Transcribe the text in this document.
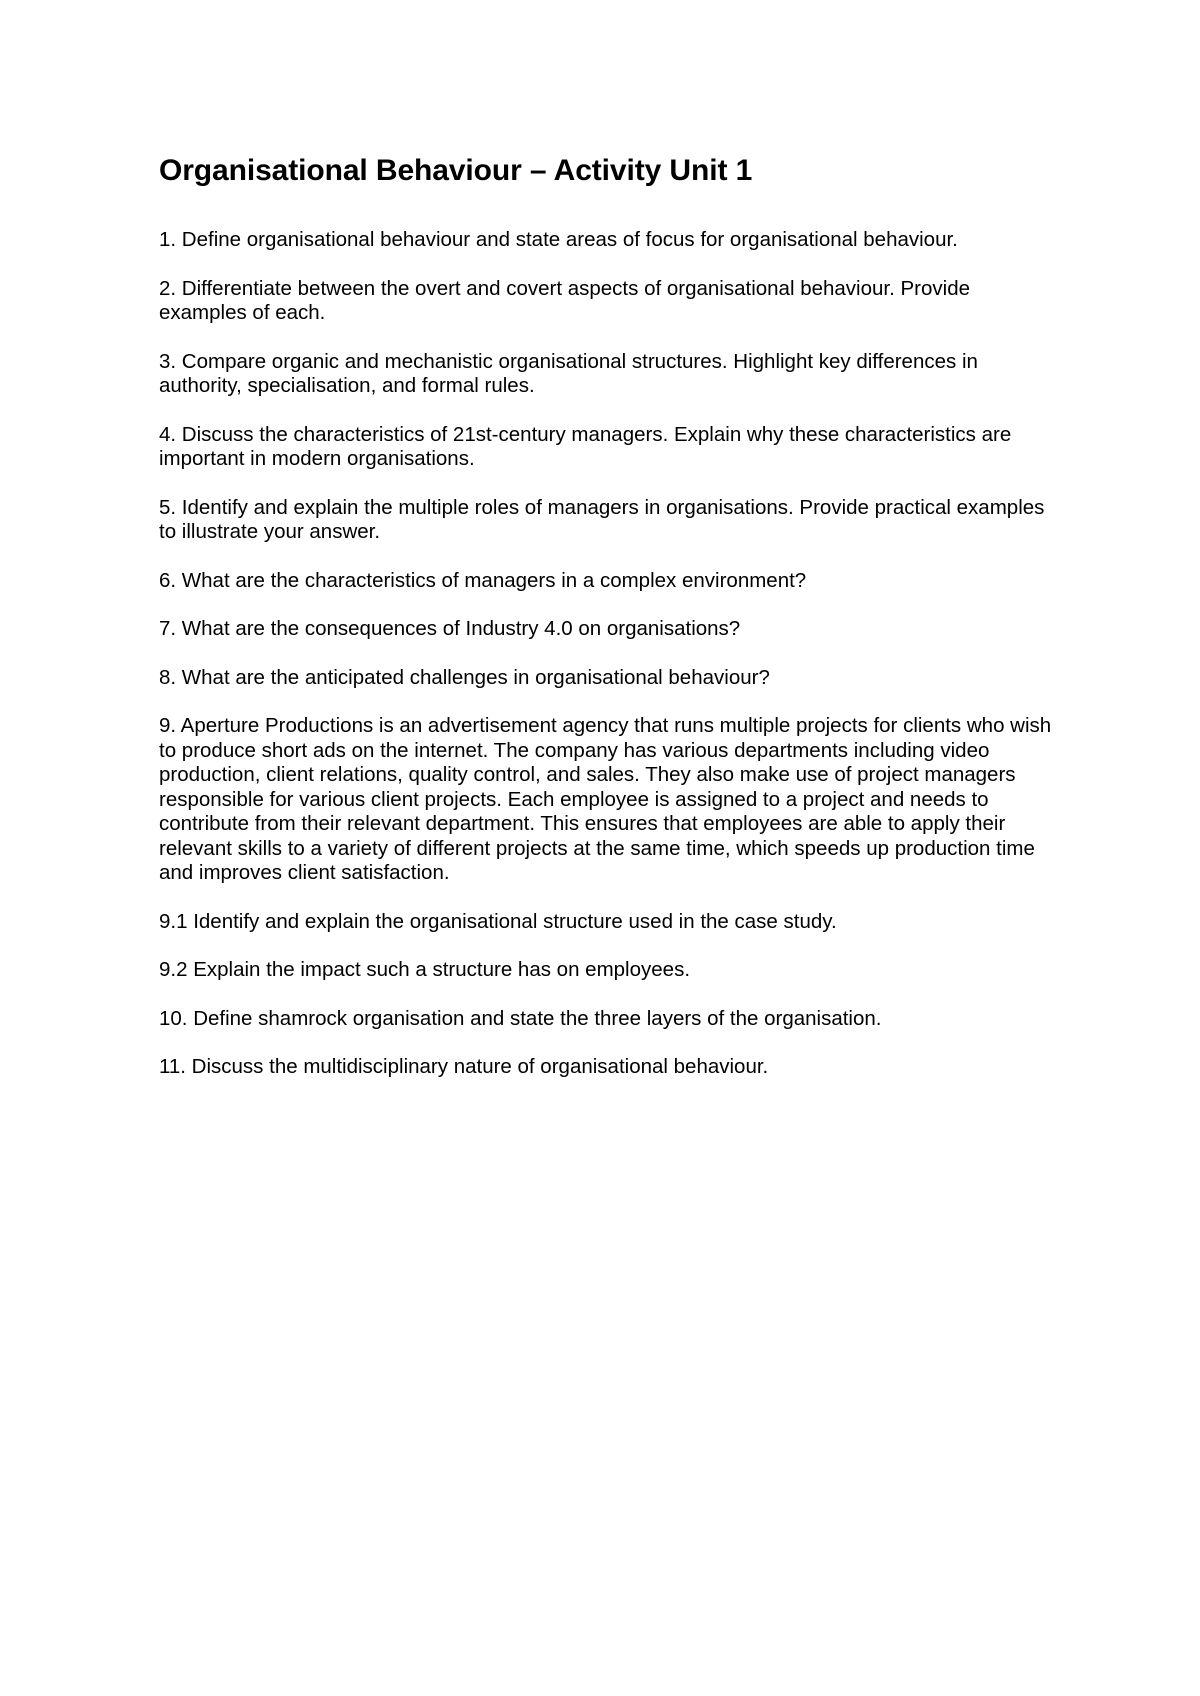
Organisational Behaviour – Activity Unit 1

1. Define organisational behaviour and state areas of focus for organisational behaviour.

2. Differentiate between the overt and covert aspects of organisational behaviour. Provide examples of each.

3. Compare organic and mechanistic organisational structures. Highlight key differences in authority, specialisation, and formal rules.

4. Discuss the characteristics of 21st-century managers. Explain why these characteristics are important in modern organisations.

5. Identify and explain the multiple roles of managers in organisations. Provide practical examples to illustrate your answer.

6. What are the characteristics of managers in a complex environment?

7. What are the consequences of Industry 4.0 on organisations?

8. What are the anticipated challenges in organisational behaviour?

9. Aperture Productions is an advertisement agency that runs multiple projects for clients who wish to produce short ads on the internet. The company has various departments including video production, client relations, quality control, and sales. They also make use of project managers responsible for various client projects. Each employee is assigned to a project and needs to contribute from their relevant department. This ensures that employees are able to apply their relevant skills to a variety of different projects at the same time, which speeds up production time and improves client satisfaction.

9.1 Identify and explain the organisational structure used in the case study.

9.2 Explain the impact such a structure has on employees.

10. Define shamrock organisation and state the three layers of the organisation.

11. Discuss the multidisciplinary nature of organisational behaviour.
